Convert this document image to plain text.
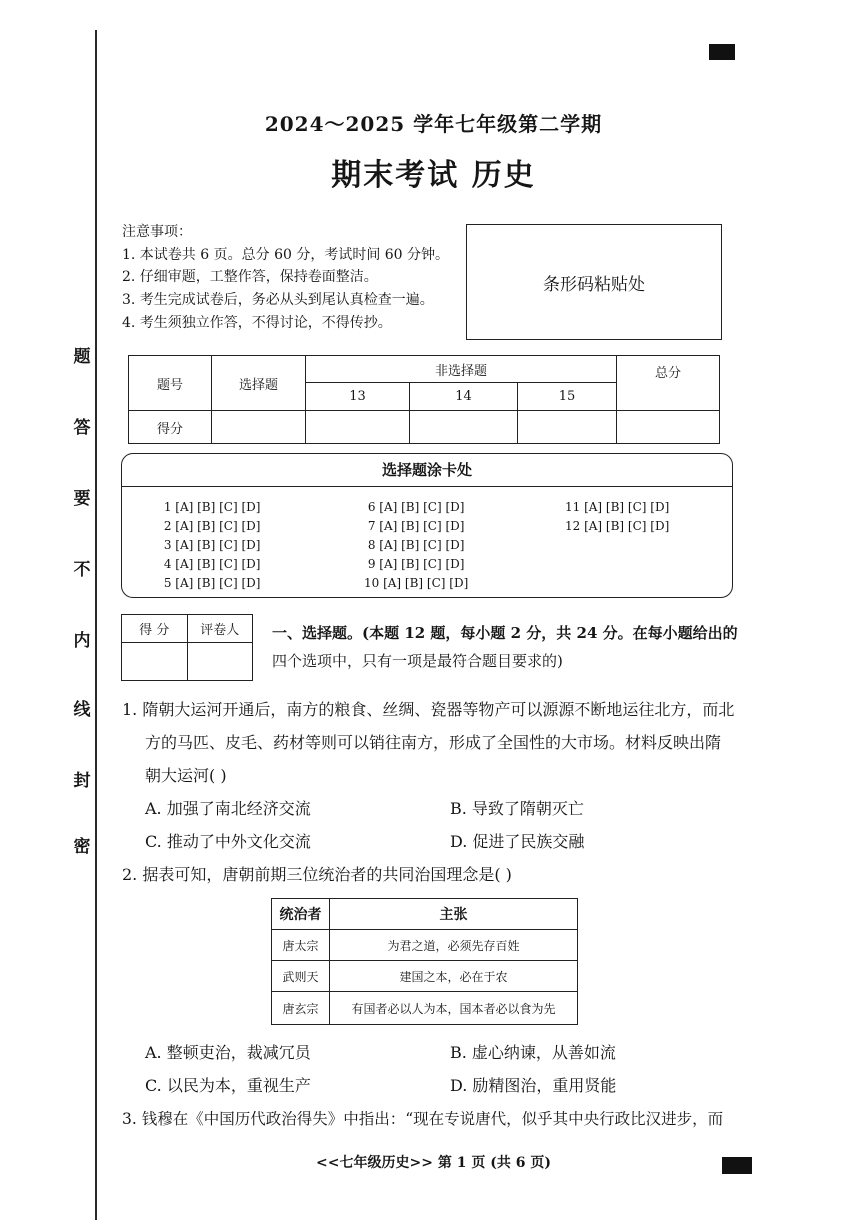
题
答
要
不
内
线
封
密
2024～2025 学年七年级第二学期
期末考试 历史
注意事项：
1. 本试卷共 6 页。总分 60 分，考试时间 60 分钟。
2. 仔细审题，工整作答，保持卷面整洁。
3. 考生完成试卷后，务必从头到尾认真检查一遍。
4. 考生须独立作答，不得讨论，不得传抄。
条形码粘贴处
题号	选择题	非选择题			总分
		13	14	15	
得分					
选择题涂卡处
1 [A] [B] [C] [D]
2 [A] [B] [C] [D]
3 [A] [B] [C] [D]
4 [A] [B] [C] [D]
5 [A] [B] [C] [D]
6 [A] [B] [C] [D]
7 [A] [B] [C] [D]
8 [A] [B] [C] [D]
9 [A] [B] [C] [D]
10 [A] [B] [C] [D]
11 [A] [B] [C] [D]
12 [A] [B] [C] [D]
得 分	评卷人
	一、选择题。(本题 12 题，每小题 2 分，共 24 分。在每小题给出的
四个选项中，只有一项是最符合题目要求的)
1. 隋朝大运河开通后，南方的粮食、丝绸、瓷器等物产可以源源不断地运往北方，而北
方的马匹、皮毛、药材等则可以销往南方，形成了全国性的大市场。材料反映出隋
朝大运河( )
A. 加强了南北经济交流	B. 导致了隋朝灭亡
C. 推动了中外文化交流	D. 促进了民族交融
2. 据表可知，唐朝前期三位统治者的共同治国理念是( )
统治者	主张
唐太宗	为君之道，必须先存百姓
武则天	建国之本，必在于农
唐玄宗	有国者必以人为本，国本者必以食为先
A. 整顿吏治，裁减冗员	B. 虚心纳谏，从善如流
C. 以民为本，重视生产	D. 励精图治，重用贤能
3. 钱穆在《中国历代政治得失》中指出：“现在专说唐代，似乎其中央行政比汉进步，而
<<七年级历史>> 第 1 页 (共 6 页)
